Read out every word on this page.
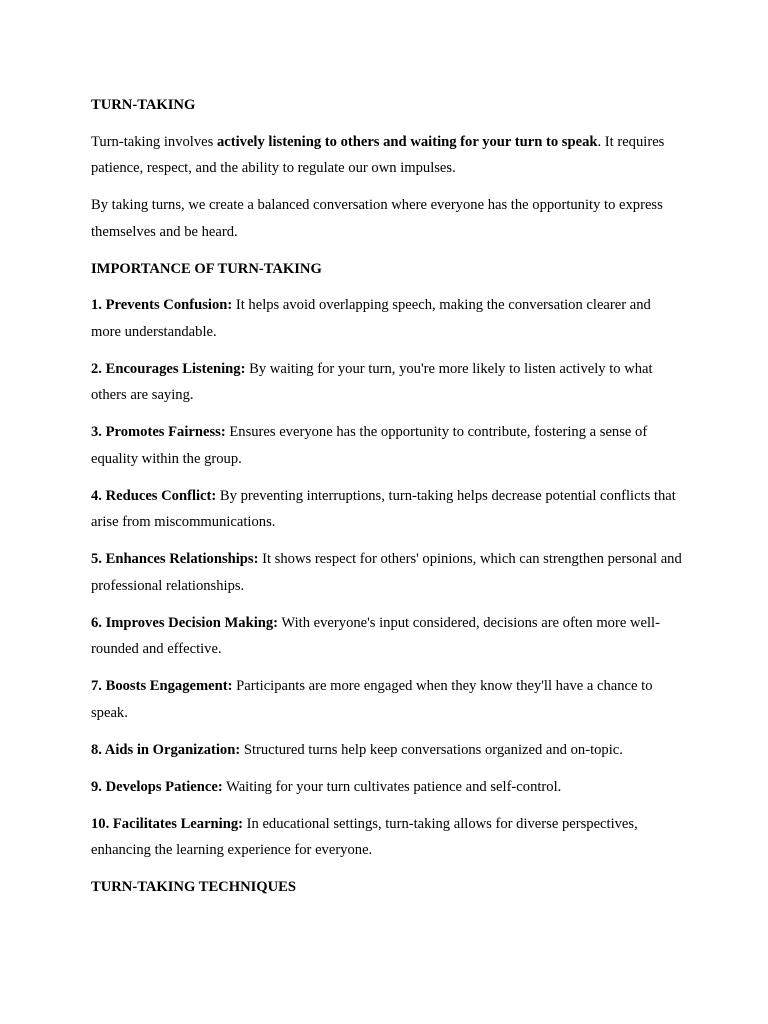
TURN-TAKING

Turn-taking involves actively listening to others and waiting for your turn to speak. It requires patience, respect, and the ability to regulate our own impulses.

By taking turns, we create a balanced conversation where everyone has the opportunity to express themselves and be heard.

IMPORTANCE OF TURN-TAKING

1. Prevents Confusion: It helps avoid overlapping speech, making the conversation clearer and more understandable.

2. Encourages Listening: By waiting for your turn, you're more likely to listen actively to what others are saying.

3. Promotes Fairness: Ensures everyone has the opportunity to contribute, fostering a sense of equality within the group.

4. Reduces Conflict: By preventing interruptions, turn-taking helps decrease potential conflicts that arise from miscommunications.

5. Enhances Relationships: It shows respect for others' opinions, which can strengthen personal and professional relationships.

6. Improves Decision Making: With everyone's input considered, decisions are often more well-rounded and effective.

7. Boosts Engagement: Participants are more engaged when they know they'll have a chance to speak.

8. Aids in Organization: Structured turns help keep conversations organized and on-topic.

9. Develops Patience: Waiting for your turn cultivates patience and self-control.

10. Facilitates Learning: In educational settings, turn-taking allows for diverse perspectives, enhancing the learning experience for everyone.

TURN-TAKING TECHNIQUES
